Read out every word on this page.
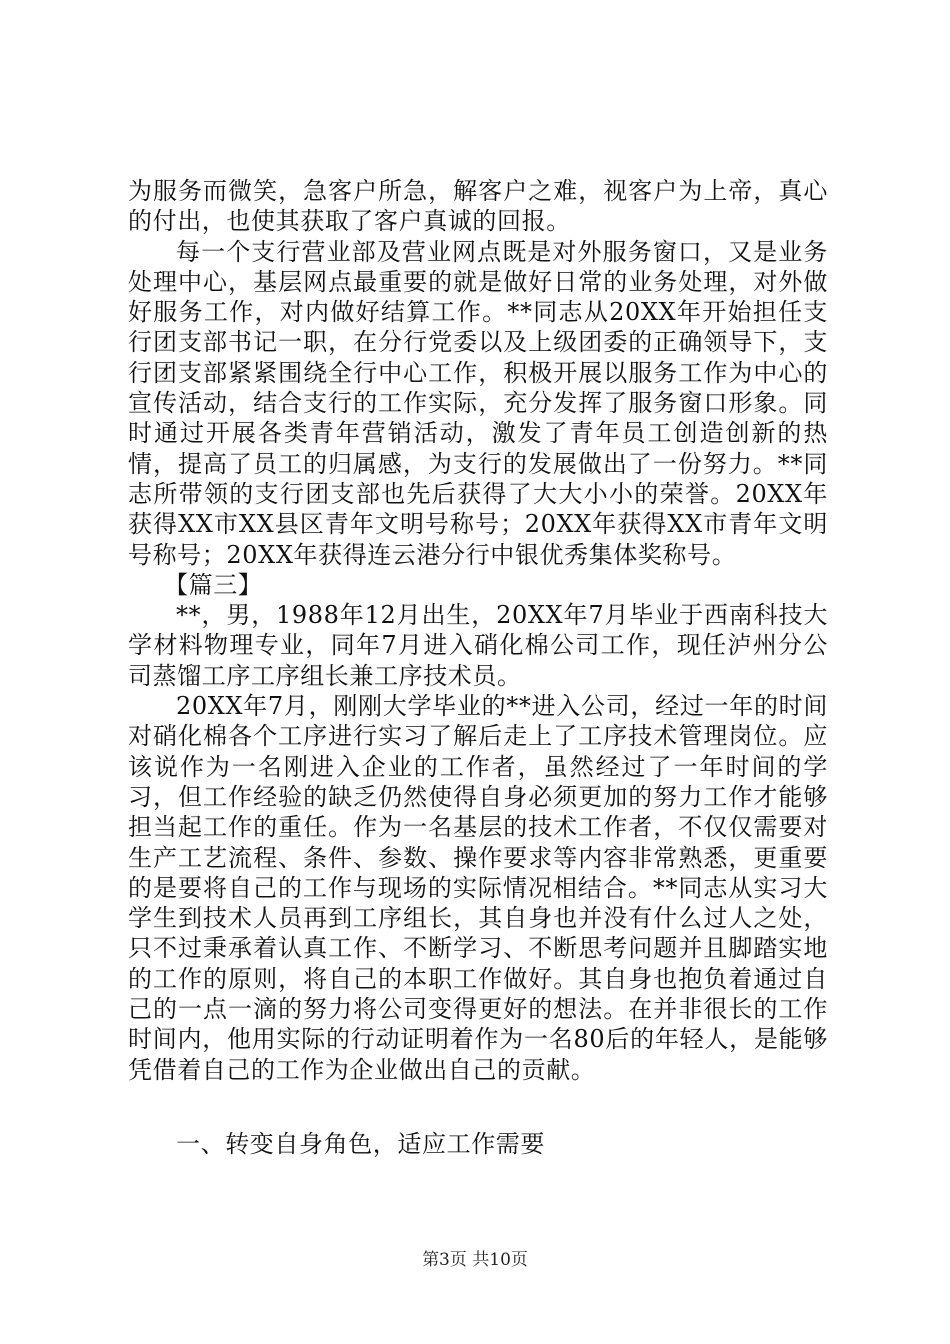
为服务而微笑，急客户所急，解客户之难，视客户为上帝，真心的付出，也使其获取了客户真诚的回报。

每一个支行营业部及营业网点既是对外服务窗口，又是业务处理中心，基层网点最重要的就是做好日常的业务处理，对外做好服务工作，对内做好结算工作。**同志从20XX年开始担任支行团支部书记一职，在分行党委以及上级团委的正确领导下，支行团支部紧紧围绕全行中心工作，积极开展以服务工作为中心的宣传活动，结合支行的工作实际，充分发挥了服务窗口形象。同时通过开展各类青年营销活动，激发了青年员工创造创新的热情，提高了员工的归属感，为支行的发展做出了一份努力。**同志所带领的支行团支部也先后获得了大大小小的荣誉。20XX年获得XX市XX县区青年文明号称号；20XX年获得XX市青年文明号称号；20XX年获得连云港分行中银优秀集体奖称号。

【篇三】

**，男，1988年12月出生，20XX年7月毕业于西南科技大学材料物理专业，同年7月进入硝化棉公司工作，现任泸州分公司蒸馏工序工序组长兼工序技术员。

20XX年7月，刚刚大学毕业的**进入公司，经过一年的时间对硝化棉各个工序进行实习了解后走上了工序技术管理岗位。应该说作为一名刚进入企业的工作者，虽然经过了一年时间的学习，但工作经验的缺乏仍然使得自身必须更加的努力工作才能够担当起工作的重任。作为一名基层的技术工作者，不仅仅需要对生产工艺流程、条件、参数、操作要求等内容非常熟悉，更重要的是要将自己的工作与现场的实际情况相结合。**同志从实习大学生到技术人员再到工序组长，其自身也并没有什么过人之处，只不过秉承着认真工作、不断学习、不断思考问题并且脚踏实地的工作的原则，将自己的本职工作做好。其自身也抱负着通过自己的一点一滴的努力将公司变得更好的想法。在并非很长的工作时间内，他用实际的行动证明着作为一名80后的年轻人，是能够凭借着自己的工作为企业做出自己的贡献。

一、转变自身角色，适应工作需要
第3页 共10页
